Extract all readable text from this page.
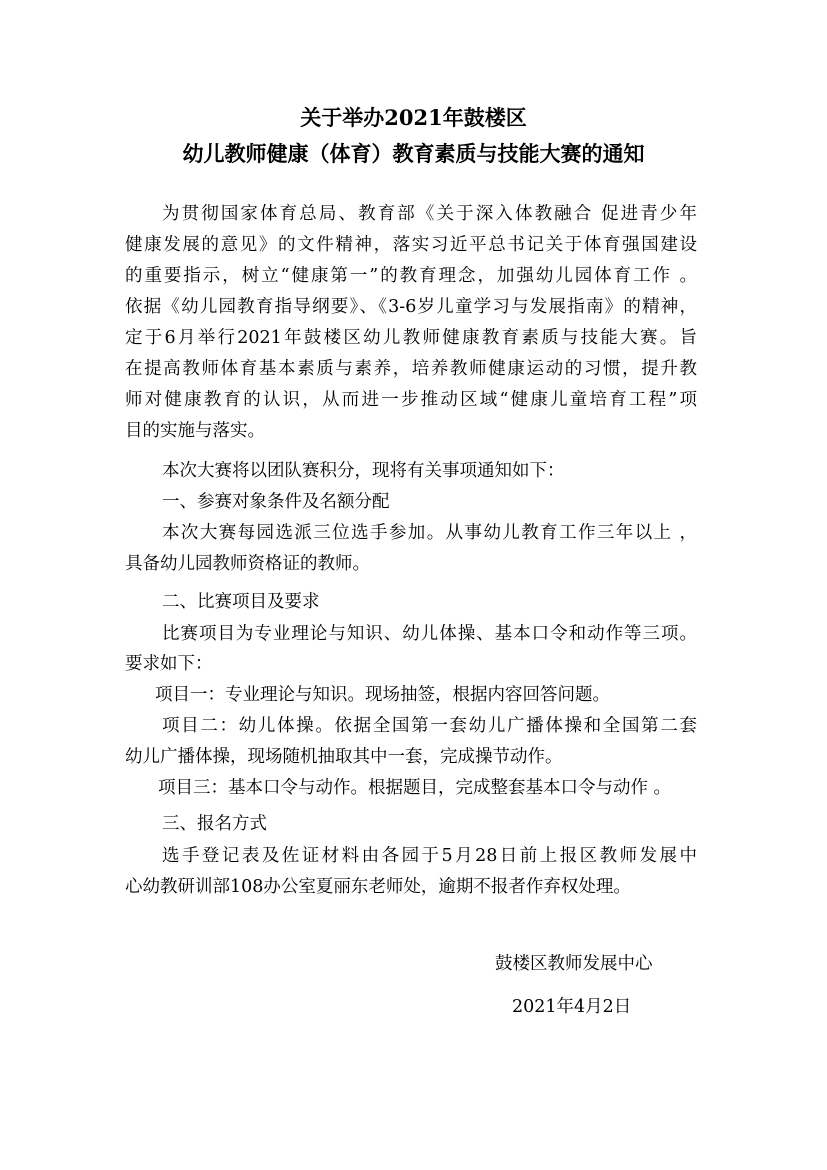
关于举办2021年鼓楼区
幼儿教师健康（体育）教育素质与技能大赛的通知
为贯彻国家体育总局、教育部《关于深入体教融合 促进青少年
健康发展的意见》的文件精神，落实习近平总书记关于体育强国建设
的重要指示，树立“健康第一”的教育理念，加强幼儿园体育工作 。
依据《幼儿园教育指导纲要》、《3-6岁儿童学习与发展指南》的精神，
定于6月举行2021年鼓楼区幼儿教师健康教育素质与技能大赛。旨
在提高教师体育基本素质与素养，培养教师健康运动的习惯，提升教
师对健康教育的认识，从而进一步推动区域“健康儿童培育工程”项
目的实施与落实。
本次大赛将以团队赛积分，现将有关事项通知如下：
一、参赛对象条件及名额分配
本次大赛每园选派三位选手参加。从事幼儿教育工作三年以上 ，
具备幼儿园教师资格证的教师。
二、比赛项目及要求
比赛项目为专业理论与知识、幼儿体操、基本口令和动作等三项。
要求如下：
项目一：专业理论与知识。现场抽签，根据内容回答问题。
项目二：幼儿体操。依据全国第一套幼儿广播体操和全国第二套
幼儿广播体操，现场随机抽取其中一套，完成操节动作。
项目三：基本口令与动作。根据题目，完成整套基本口令与动作 。
三、报名方式
选手登记表及佐证材料由各园于5月28日前上报区教师发展中
心幼教研训部108办公室夏丽东老师处，逾期不报者作弃权处理。
鼓楼区教师发展中心
2021年4月2日
